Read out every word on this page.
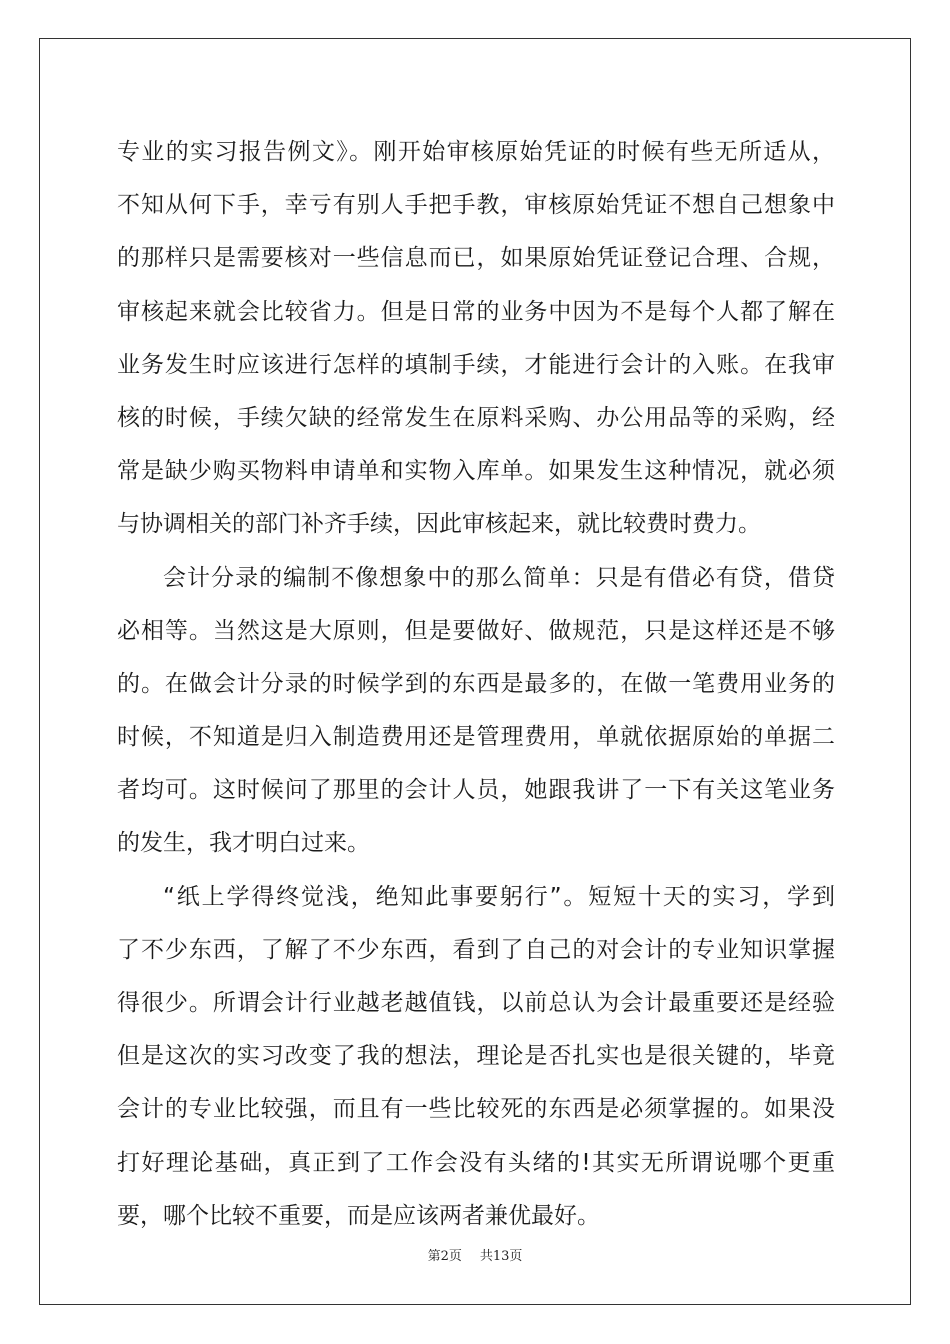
专业的实习报告例文》。刚开始审核原始凭证的时候有些无所适从，
不知从何下手，幸亏有别人手把手教，审核原始凭证不想自己想象中
的那样只是需要核对一些信息而已，如果原始凭证登记合理、合规，
审核起来就会比较省力。但是日常的业务中因为不是每个人都了解在
业务发生时应该进行怎样的填制手续，才能进行会计的入账。在我审
核的时候，手续欠缺的经常发生在原料采购、办公用品等的采购，经
常是缺少购买物料申请单和实物入库单。如果发生这种情况，就必须
与协调相关的部门补齐手续，因此审核起来，就比较费时费力。
会计分录的编制不像想象中的那么简单：只是有借必有贷，借贷
必相等。当然这是大原则，但是要做好、做规范，只是这样还是不够
的。在做会计分录的时候学到的东西是最多的，在做一笔费用业务的
时候，不知道是归入制造费用还是管理费用，单就依据原始的单据二
者均可。这时候问了那里的会计人员，她跟我讲了一下有关这笔业务
的发生，我才明白过来。
“纸上学得终觉浅，绝知此事要躬行”。短短十天的实习，学到
了不少东西，了解了不少东西，看到了自己的对会计的专业知识掌握
得很少。所谓会计行业越老越值钱，以前总认为会计最重要还是经验
但是这次的实习改变了我的想法，理论是否扎实也是很关键的，毕竟
会计的专业比较强，而且有一些比较死的东西是必须掌握的。如果没
打好理论基础，真正到了工作会没有头绪的!其实无所谓说哪个更重
要，哪个比较不重要，而是应该两者兼优最好。
第2页 共13页
